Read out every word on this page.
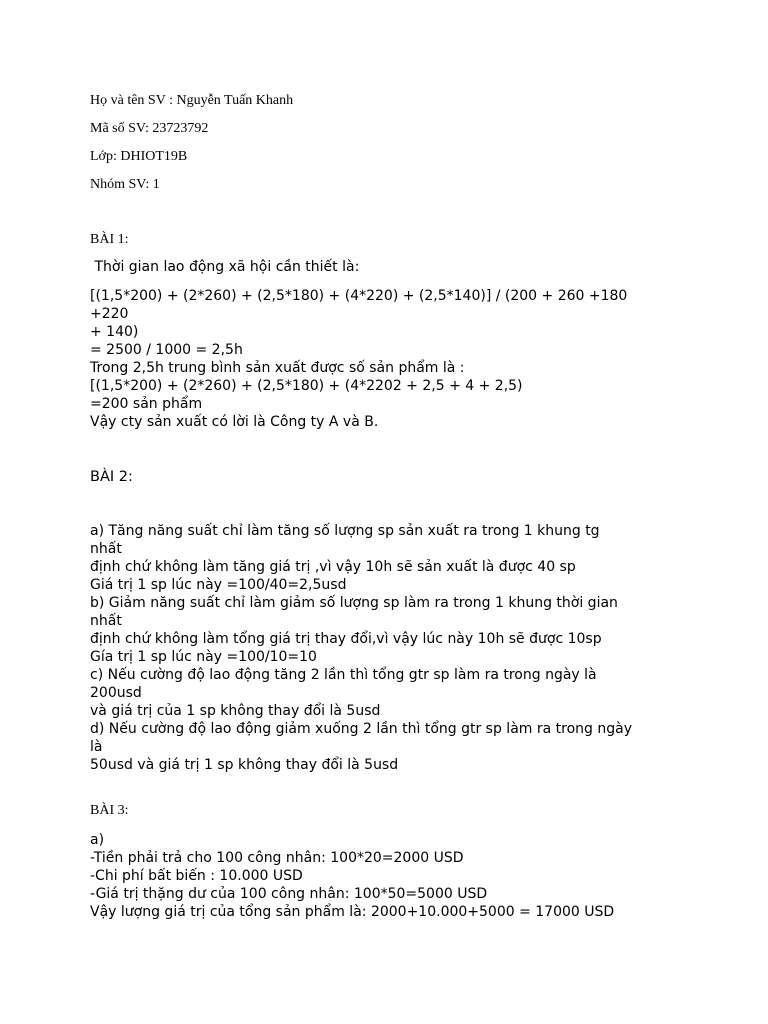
Họ và tên SV : Nguyễn Tuấn Khanh
Mã số SV: 23723792
Lớp: DHIOT19B
Nhóm SV: 1
BÀI 1:
Thời gian lao động xã hội cần thiết là:
[(1,5*200) + (2*260) + (2,5*180) + (4*220) + (2,5*140)] / (200 + 260 +180
+220
+ 140)
= 2500 / 1000 = 2,5h
Trong 2,5h trung bình sản xuất được số sản phẩm là :
[(1,5*200) + (2*260) + (2,5*180) + (4*2202 + 2,5 + 4 + 2,5)
=200 sản phẩm
Vậy cty sản xuất có lời là Công ty A và B.
BÀI 2:
a) Tăng năng suất chỉ làm tăng số lượng sp sản xuất ra trong 1 khung tg
nhất
định chứ không làm tăng giá trị ,vì vậy 10h sẽ sản xuất là được 40 sp
Giá trị 1 sp lúc này =100/40=2,5usd
b) Giảm năng suất chỉ làm giảm số lượng sp làm ra trong 1 khung thời gian
nhất
định chứ không làm tổng giá trị thay đổi,vì vậy lúc này 10h sẽ được 10sp
Gía trị 1 sp lúc này =100/10=10
c) Nếu cường độ lao động tăng 2 lần thì tổng gtr sp làm ra trong ngày là
200usd
và giá trị của 1 sp không thay đổi là 5usd
d) Nếu cường độ lao động giảm xuống 2 lần thì tổng gtr sp làm ra trong ngày
là
50usd và giá trị 1 sp không thay đổi là 5usd
BÀI 3:
a)
-Tiền phải trả cho 100 công nhân: 100*20=2000 USD
-Chi phí bất biến : 10.000 USD
-Giá trị thặng dư của 100 công nhân: 100*50=5000 USD
Vậy lượng giá trị của tổng sản phẩm là: 2000+10.000+5000 = 17000 USD
